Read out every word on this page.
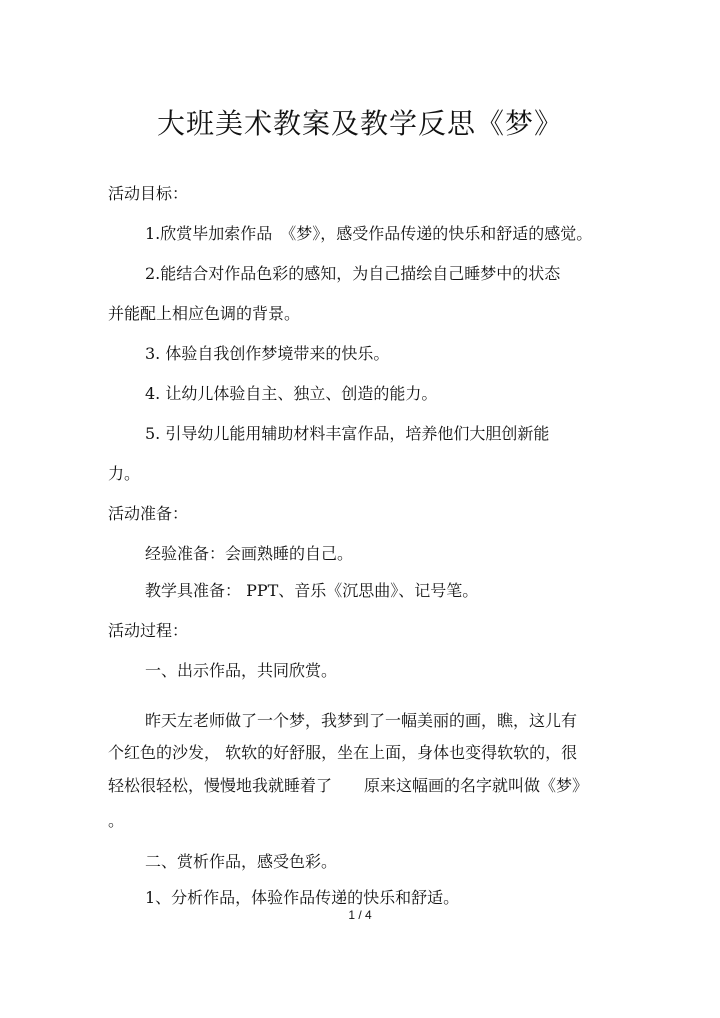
大班美术教案及教学反思《梦》
活动目标：
1.欣赏毕加索作品　《梦》，感受作品传递的快乐和舒适的感觉。
2.能结合对作品色彩的感知，为自己描绘自己睡梦中的状态
并能配上相应色调的背景。
3. 体验自我创作梦境带来的快乐。
4. 让幼儿体验自主、独立、创造的能力。
5. 引导幼儿能用辅助材料丰富作品，培养他们大胆创新能
力。
活动准备：
经验准备：会画熟睡的自己。
教学具准备： PPT、音乐《沉思曲》、记号笔。
活动过程：
一、出示作品，共同欣赏。
昨天左老师做了一个梦，我梦到了一幅美丽的画，瞧，这儿有
个红色的沙发， 软软的好舒服，坐在上面，身体也变得软软的，很
轻松很轻松，慢慢地我就睡着了　　原来这幅画的名字就叫做《梦》
。
二、赏析作品，感受色彩。
1、分析作品，体验作品传递的快乐和舒适。
1 / 4
